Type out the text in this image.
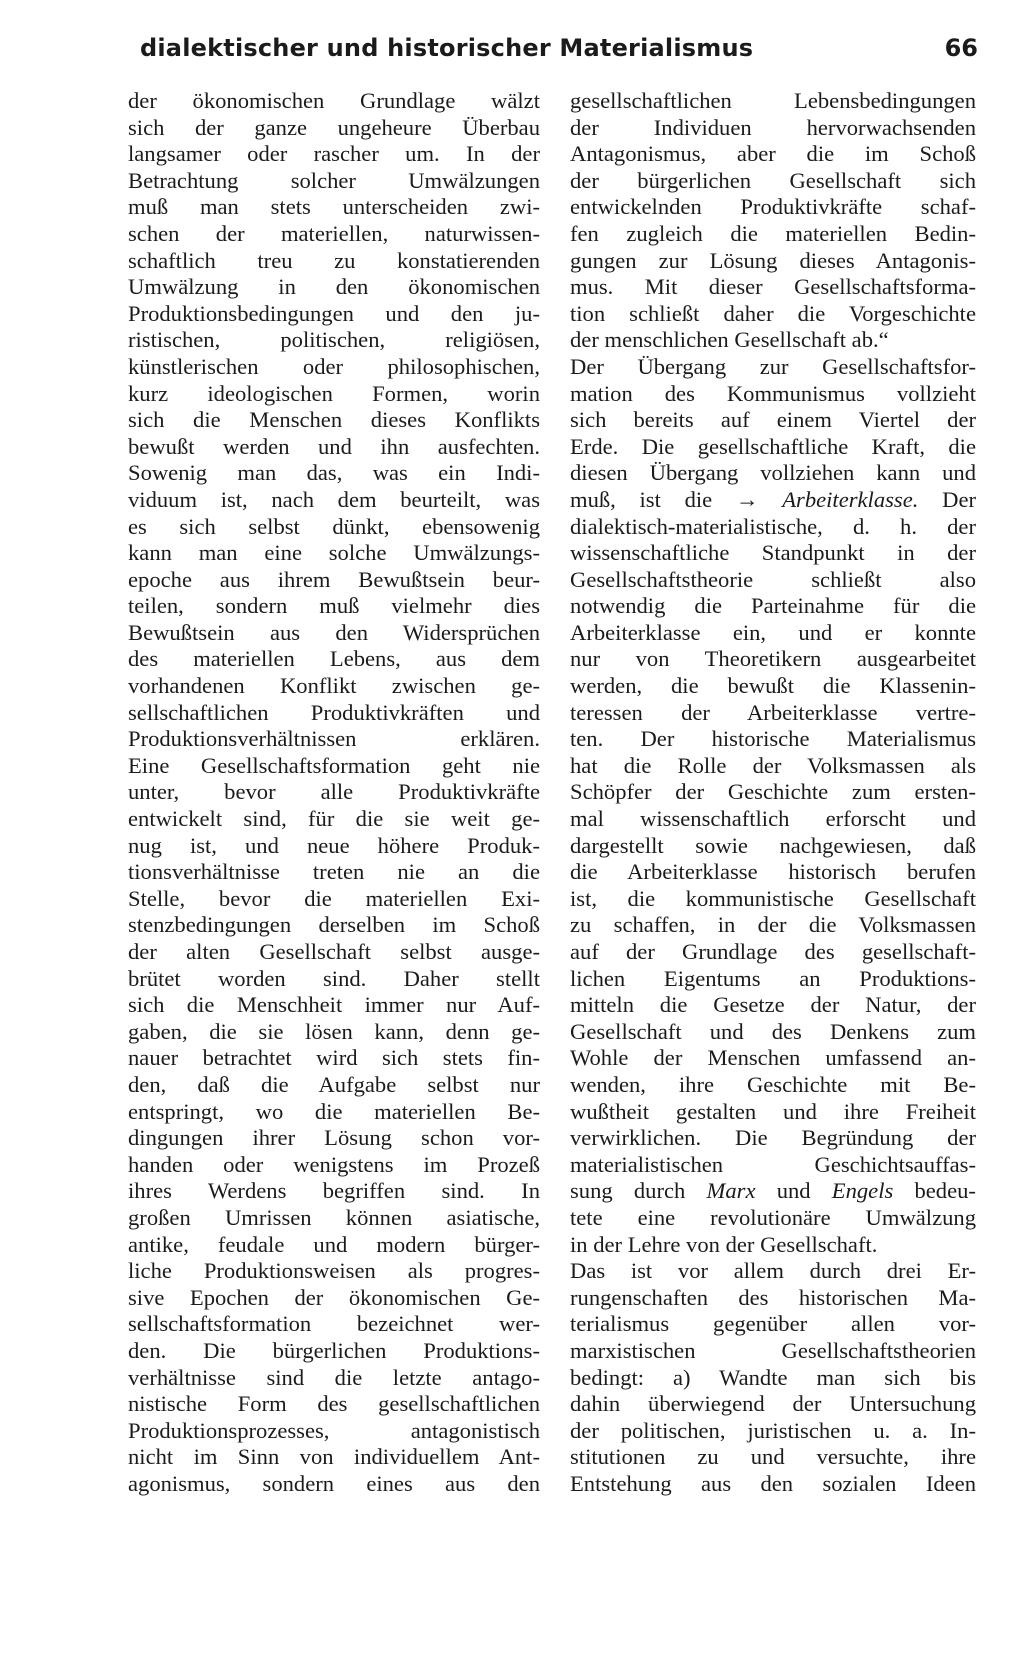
dialektischer und historischer Materialismus	66
der ökonomischen Grundlage wälzt
sich der ganze ungeheure Überbau
langsamer oder rascher um. In der
Betrachtung solcher Umwälzungen
muß man stets unterscheiden zwi-
schen der materiellen, naturwissen-
schaftlich treu zu konstatierenden
Umwälzung in den ökonomischen
Produktionsbedingungen und den ju-
ristischen, politischen, religiösen,
künstlerischen oder philosophischen,
kurz ideologischen Formen, worin
sich die Menschen dieses Konflikts
bewußt werden und ihn ausfechten.
Sowenig man das, was ein Indi-
viduum ist, nach dem beurteilt, was
es sich selbst dünkt, ebensowenig
kann man eine solche Umwälzungs-
epoche aus ihrem Bewußtsein beur-
teilen, sondern muß vielmehr dies
Bewußtsein aus den Widersprüchen
des materiellen Lebens, aus dem
vorhandenen Konflikt zwischen ge-
sellschaftlichen Produktivkräften und
Produktionsverhältnissen erklären.
Eine Gesellschaftsformation geht nie
unter, bevor alle Produktivkräfte
entwickelt sind, für die sie weit ge-
nug ist, und neue höhere Produk-
tionsverhältnisse treten nie an die
Stelle, bevor die materiellen Exi-
stenzbedingungen derselben im Schoß
der alten Gesellschaft selbst ausge-
brütet worden sind. Daher stellt
sich die Menschheit immer nur Auf-
gaben, die sie lösen kann, denn ge-
nauer betrachtet wird sich stets fin-
den, daß die Aufgabe selbst nur
entspringt, wo die materiellen Be-
dingungen ihrer Lösung schon vor-
handen oder wenigstens im Prozeß
ihres Werdens begriffen sind. In
großen Umrissen können asiatische,
antike, feudale und modern bürger-
liche Produktionsweisen als progres-
sive Epochen der ökonomischen Ge-
sellschaftsformation bezeichnet wer-
den. Die bürgerlichen Produktions-
verhältnisse sind die letzte antago-
nistische Form des gesellschaftlichen
Produktionsprozesses, antagonistisch
nicht im Sinn von individuellem Ant-
agonismus, sondern eines aus den
gesellschaftlichen Lebensbedingungen
der Individuen hervorwachsenden
Antagonismus, aber die im Schoß
der bürgerlichen Gesellschaft sich
entwickelnden Produktivkräfte schaf-
fen zugleich die materiellen Bedin-
gungen zur Lösung dieses Antagonis-
mus. Mit dieser Gesellschaftsforma-
tion schließt daher die Vorgeschichte
der menschlichen Gesellschaft ab.“
Der Übergang zur Gesellschaftsfor-
mation des Kommunismus vollzieht
sich bereits auf einem Viertel der
Erde. Die gesellschaftliche Kraft, die
diesen Übergang vollziehen kann und
muß, ist die → Arbeiterklasse. Der
dialektisch-materialistische, d. h. der
wissenschaftliche Standpunkt in der
Gesellschaftstheorie schließt also
notwendig die Parteinahme für die
Arbeiterklasse ein, und er konnte
nur von Theoretikern ausgearbeitet
werden, die bewußt die Klassenin-
teressen der Arbeiterklasse vertre-
ten. Der historische Materialismus
hat die Rolle der Volksmassen als
Schöpfer der Geschichte zum ersten-
mal wissenschaftlich erforscht und
dargestellt sowie nachgewiesen, daß
die Arbeiterklasse historisch berufen
ist, die kommunistische Gesellschaft
zu schaffen, in der die Volksmassen
auf der Grundlage des gesellschaft-
lichen Eigentums an Produktions-
mitteln die Gesetze der Natur, der
Gesellschaft und des Denkens zum
Wohle der Menschen umfassend an-
wenden, ihre Geschichte mit Be-
wußtheit gestalten und ihre Freiheit
verwirklichen. Die Begründung der
materialistischen Geschichtsauffas-
sung durch Marx und Engels bedeu-
tete eine revolutionäre Umwälzung
in der Lehre von der Gesellschaft.
Das ist vor allem durch drei Er-
rungenschaften des historischen Ma-
terialismus gegenüber allen vor-
marxistischen Gesellschaftstheorien
bedingt: a) Wandte man sich bis
dahin überwiegend der Untersuchung
der politischen, juristischen u. a. In-
stitutionen zu und versuchte, ihre
Entstehung aus den sozialen Ideen
